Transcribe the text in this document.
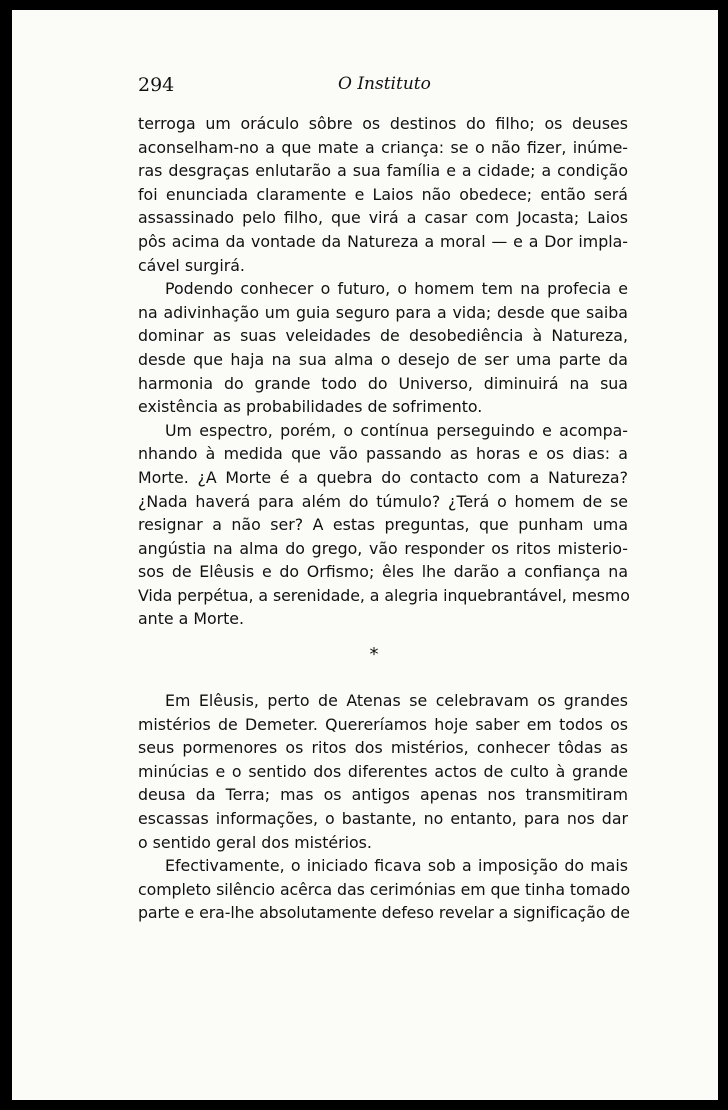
294	O Instituto
terroga um oráculo sôbre os destinos do filho; os deuses
aconselham-no a que mate a criança: se o não fizer, inúme-
ras desgraças enlutarão a sua família e a cidade; a condição
foi enunciada claramente e Laios não obedece; então será
assassinado pelo filho, que virá a casar com Jocasta; Laios
pôs acima da vontade da Natureza a moral — e a Dor impla-
cável surgirá.
Podendo conhecer o futuro, o homem tem na profecia e
na adivinhação um guia seguro para a vida; desde que saiba
dominar as suas veleidades de desobediência à Natureza,
desde que haja na sua alma o desejo de ser uma parte da
harmonia do grande todo do Universo, diminuirá na sua
existência as probabilidades de sofrimento.
Um espectro, porém, o contínua perseguindo e acompa-
nhando à medida que vão passando as horas e os dias: a
Morte. ¿A Morte é a quebra do contacto com a Natureza?
¿Nada haverá para além do túmulo? ¿Terá o homem de se
resignar a não ser? A estas preguntas, que punham uma
angústia na alma do grego, vão responder os ritos misterio-
sos de Elêusis e do Orfismo; êles lhe darão a confiança na
Vida perpétua, a serenidade, a alegria inquebrantável, mesmo
ante a Morte.
*
Em Elêusis, perto de Atenas se celebravam os grandes
mistérios de Demeter. Quereríamos hoje saber em todos os
seus pormenores os ritos dos mistérios, conhecer tôdas as
minúcias e o sentido dos diferentes actos de culto à grande
deusa da Terra; mas os antigos apenas nos transmitiram
escassas informações, o bastante, no entanto, para nos dar
o sentido geral dos mistérios.
Efectivamente, o iniciado ficava sob a imposição do mais
completo silêncio acêrca das cerimónias em que tinha tomado
parte e era-lhe absolutamente defeso revelar a significação de
